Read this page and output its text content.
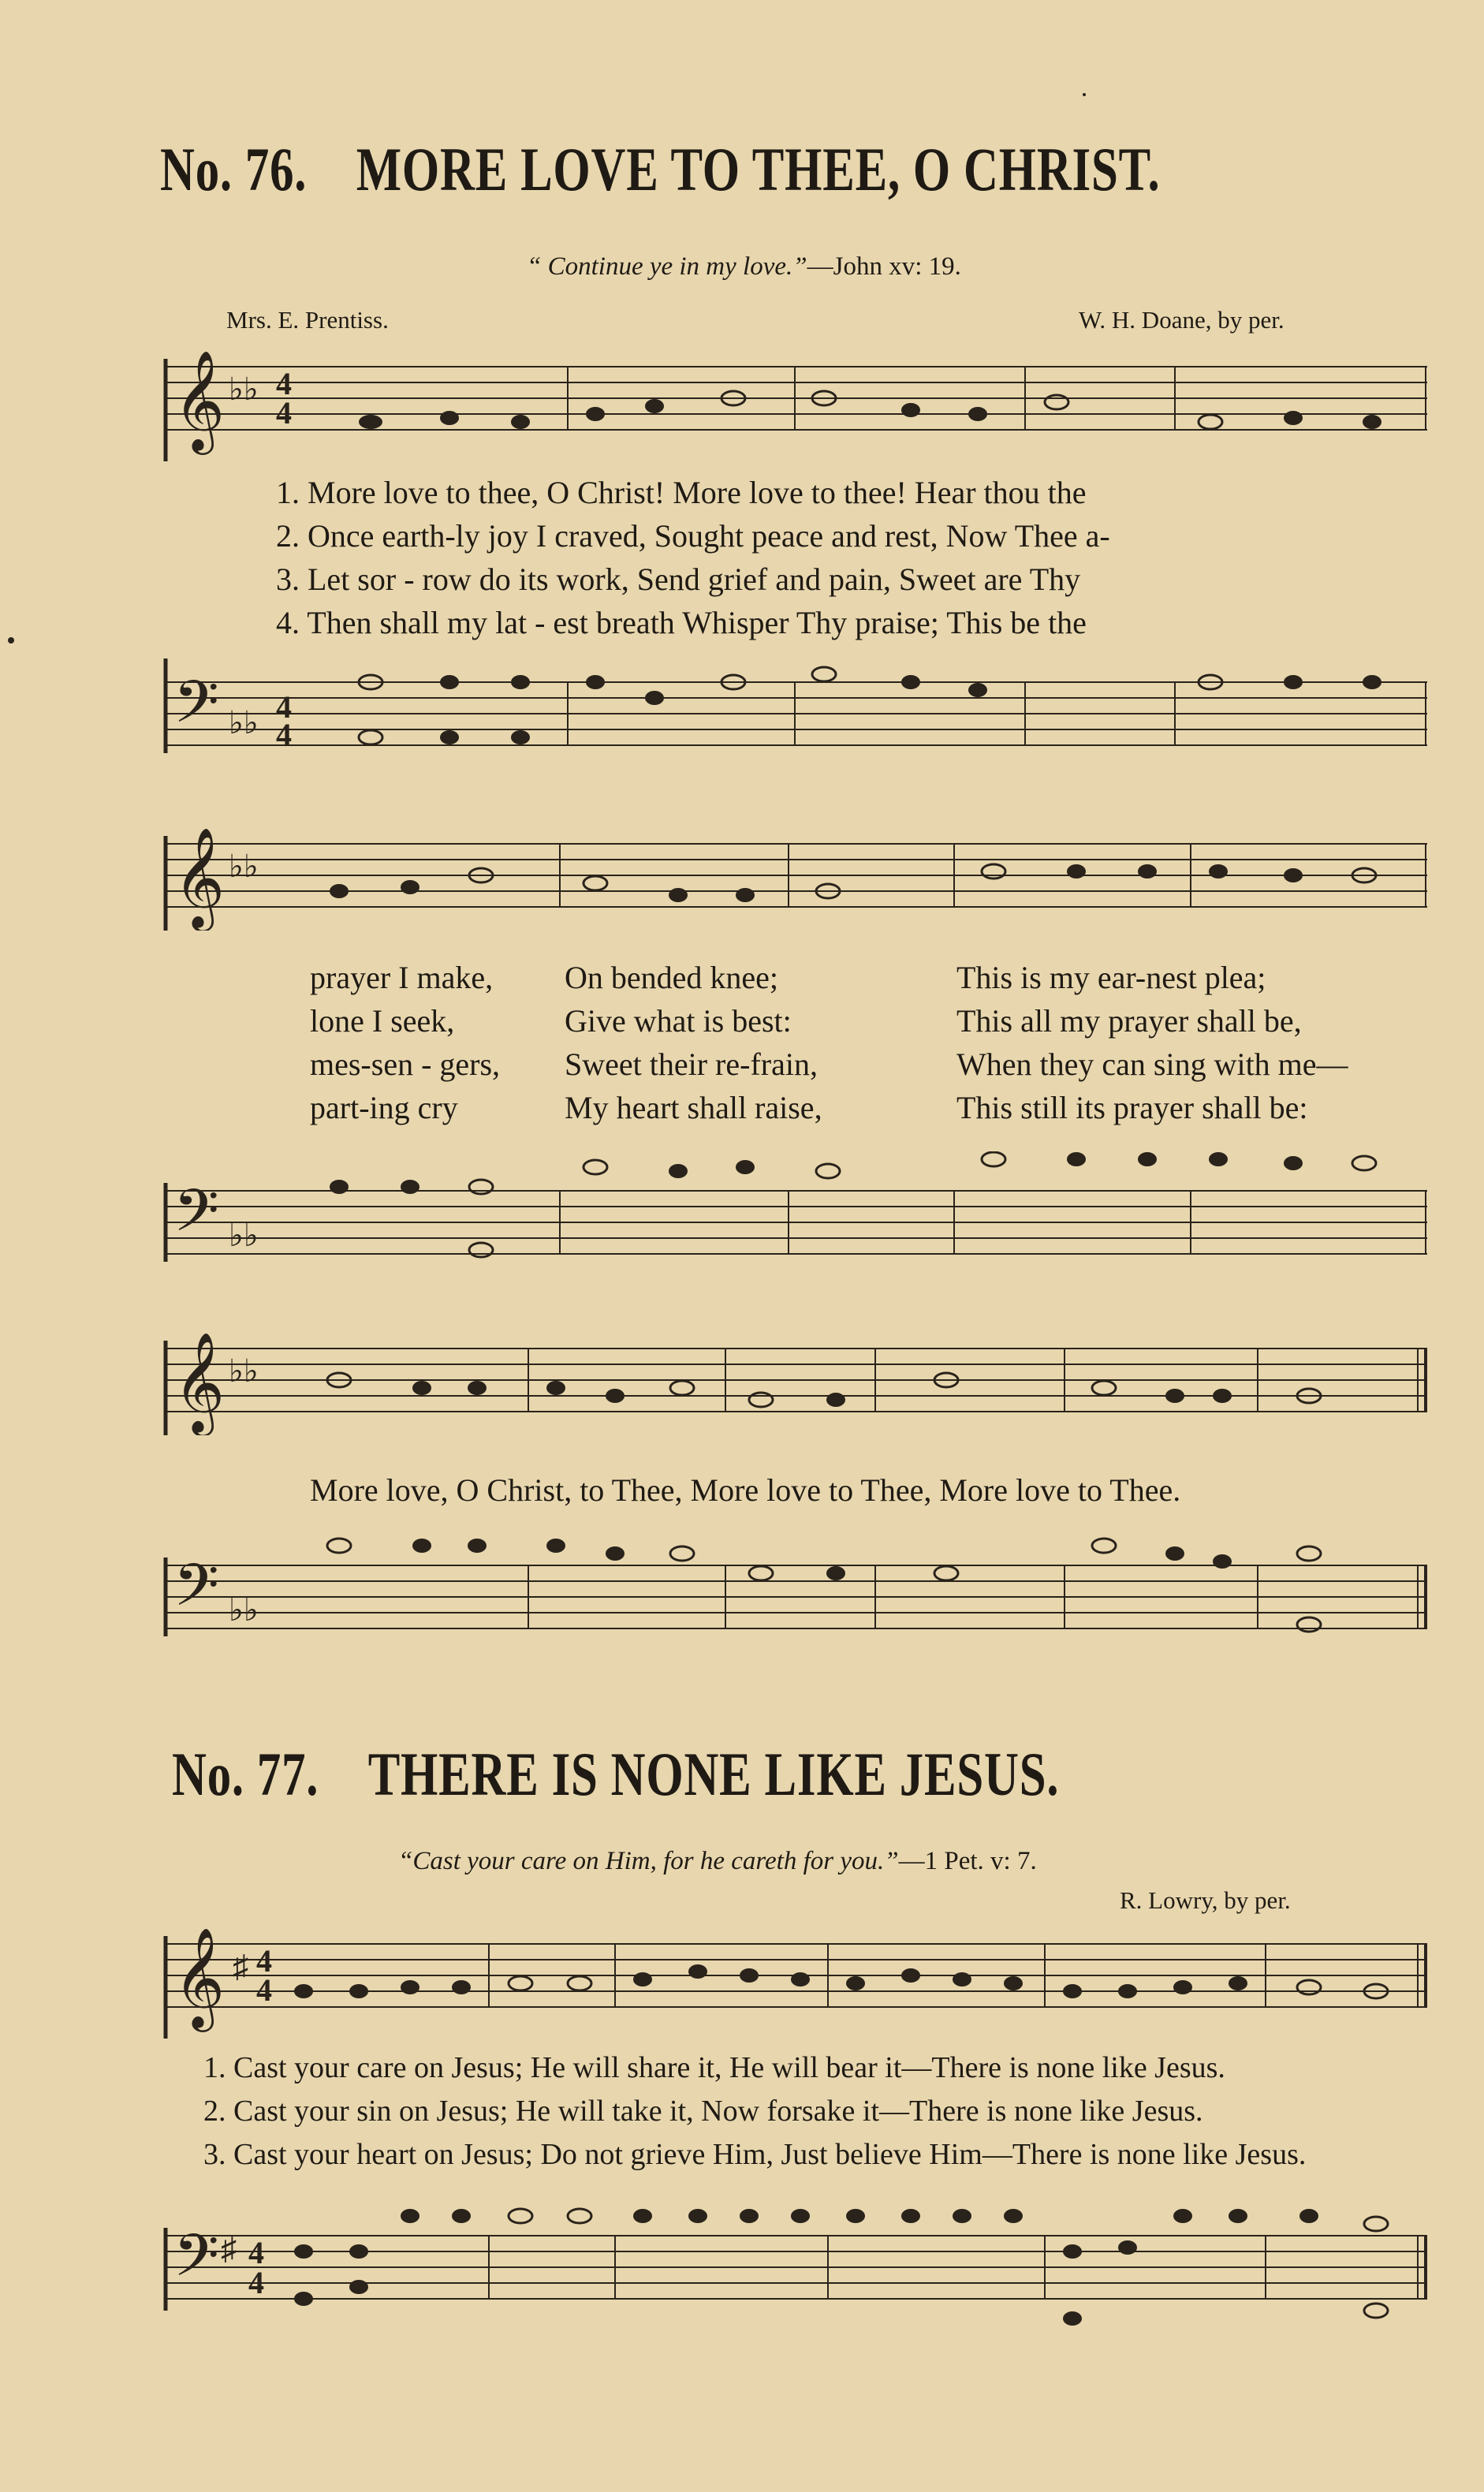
No. 76. MORE LOVE TO THEE, O CHRIST.
“ Continue ye in my love.”—John xv: 19.
Mrs. E. Prentiss.	W. H. Doane, by per.
𝄞 ♭♭ 4
4
1. More love to thee, O Christ! More love to thee! Hear thou the
2. Once earth-ly joy I craved, Sought peace and rest, Now Thee a-
3. Let sor - row do its work, Send grief and pain, Sweet are Thy
4. Then shall my lat - est breath Whisper Thy praise; This be the
𝄢 ♭♭ 4
4
𝄞 ♭♭
prayer I make,
lone I seek,
mes-sen - gers,
part-ing cry
On bended knee;
Give what is best:
Sweet their re-frain,
My heart shall raise,
This is my ear-nest plea;
This all my prayer shall be,
When they can sing with me—
This still its prayer shall be:
𝄢 ♭♭
𝄞 ♭♭
More love, O Christ, to Thee, More love to Thee, More love to Thee.
𝄢 ♭♭
No. 77. THERE IS NONE LIKE JESUS.
“Cast your care on Him, for he careth for you.”—1 Pet. v: 7.
R. Lowry, by per.
𝄞 ♯ 4
4
1. Cast your care on Jesus; He will share it, He will bear it—There is none like Jesus.
2. Cast your sin on Jesus; He will take it, Now forsake it—There is none like Jesus.
3. Cast your heart on Jesus; Do not grieve Him, Just believe Him—There is none like Jesus.
𝄢 ♯ 4
4
